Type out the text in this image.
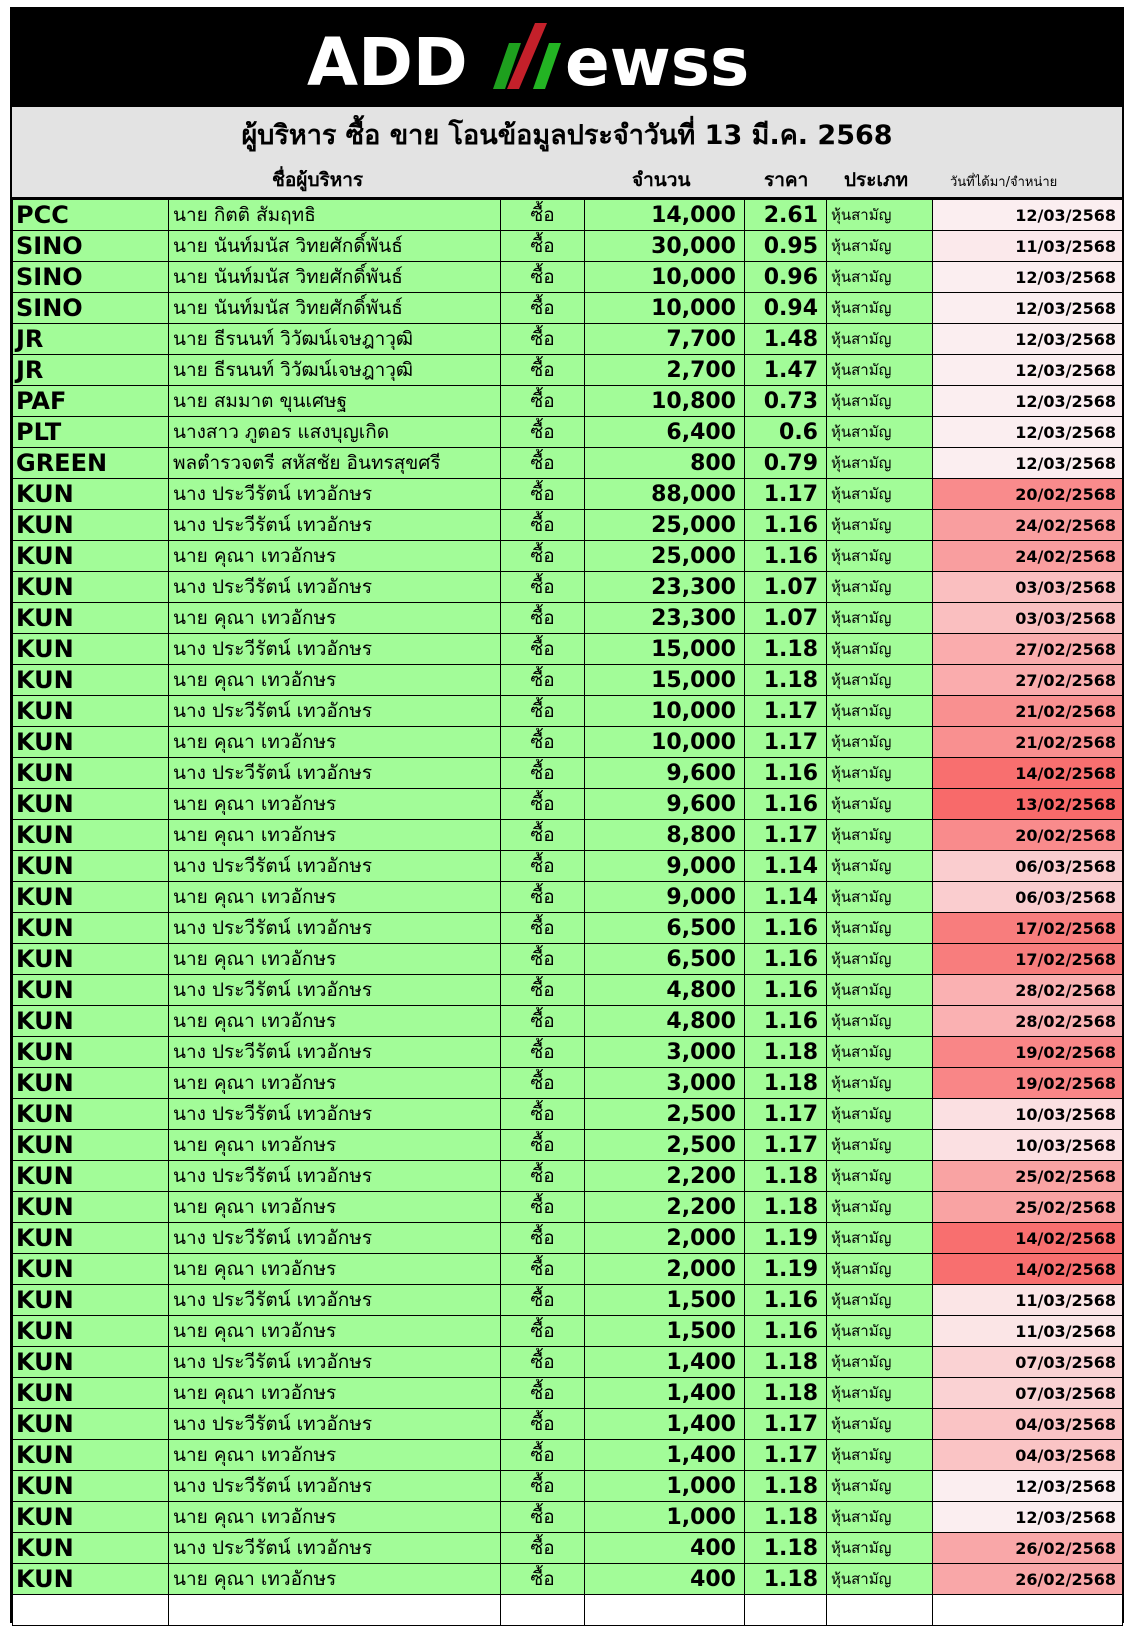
ADD ewss
ผู้บริหาร ซื้อ ขาย โอนข้อมูลประจำวันที่ 13 มี.ค. 2568
ชื่อผู้บริหาร	จำนวน	ราคา ประเภท	วันที่ได้มา/จำหน่าย
PCC	นาย กิตติ สัมฤทธิ	ซื้อ	14,000	2.61	หุ้นสามัญ	12/03/2568
SINO	นาย นันท์มนัส วิทยศักดิ์พันธ์	ซื้อ	30,000	0.95	หุ้นสามัญ	11/03/2568
SINO	นาย นันท์มนัส วิทยศักดิ์พันธ์	ซื้อ	10,000	0.96	หุ้นสามัญ	12/03/2568
SINO	นาย นันท์มนัส วิทยศักดิ์พันธ์	ซื้อ	10,000	0.94	หุ้นสามัญ	12/03/2568
JR	นาย ธีรนนท์ วิวัฒน์เจษฎาวุฒิ	ซื้อ	7,700	1.48	หุ้นสามัญ	12/03/2568
JR	นาย ธีรนนท์ วิวัฒน์เจษฎาวุฒิ	ซื้อ	2,700	1.47	หุ้นสามัญ	12/03/2568
PAF	นาย สมมาต ขุนเศษฐ	ซื้อ	10,800	0.73	หุ้นสามัญ	12/03/2568
PLT	นางสาว ภูตอร แสงบุญเกิด	ซื้อ	6,400	0.6	หุ้นสามัญ	12/03/2568
GREEN	พลตำรวจตรี สหัสชัย อินทรสุขศรี	ซื้อ	800	0.79	หุ้นสามัญ	12/03/2568
KUN	นาง ประวีรัตน์ เทวอักษร	ซื้อ	88,000	1.17	หุ้นสามัญ	20/02/2568
KUN	นาง ประวีรัตน์ เทวอักษร	ซื้อ	25,000	1.16	หุ้นสามัญ	24/02/2568
KUN	นาย คุณา เทวอักษร	ซื้อ	25,000	1.16	หุ้นสามัญ	24/02/2568
KUN	นาง ประวีรัตน์ เทวอักษร	ซื้อ	23,300	1.07	หุ้นสามัญ	03/03/2568
KUN	นาย คุณา เทวอักษร	ซื้อ	23,300	1.07	หุ้นสามัญ	03/03/2568
KUN	นาง ประวีรัตน์ เทวอักษร	ซื้อ	15,000	1.18	หุ้นสามัญ	27/02/2568
KUN	นาย คุณา เทวอักษร	ซื้อ	15,000	1.18	หุ้นสามัญ	27/02/2568
KUN	นาง ประวีรัตน์ เทวอักษร	ซื้อ	10,000	1.17	หุ้นสามัญ	21/02/2568
KUN	นาย คุณา เทวอักษร	ซื้อ	10,000	1.17	หุ้นสามัญ	21/02/2568
KUN	นาง ประวีรัตน์ เทวอักษร	ซื้อ	9,600	1.16	หุ้นสามัญ	14/02/2568
KUN	นาย คุณา เทวอักษร	ซื้อ	9,600	1.16	หุ้นสามัญ	13/02/2568
KUN	นาย คุณา เทวอักษร	ซื้อ	8,800	1.17	หุ้นสามัญ	20/02/2568
KUN	นาง ประวีรัตน์ เทวอักษร	ซื้อ	9,000	1.14	หุ้นสามัญ	06/03/2568
KUN	นาย คุณา เทวอักษร	ซื้อ	9,000	1.14	หุ้นสามัญ	06/03/2568
KUN	นาง ประวีรัตน์ เทวอักษร	ซื้อ	6,500	1.16	หุ้นสามัญ	17/02/2568
KUN	นาย คุณา เทวอักษร	ซื้อ	6,500	1.16	หุ้นสามัญ	17/02/2568
KUN	นาง ประวีรัตน์ เทวอักษร	ซื้อ	4,800	1.16	หุ้นสามัญ	28/02/2568
KUN	นาย คุณา เทวอักษร	ซื้อ	4,800	1.16	หุ้นสามัญ	28/02/2568
KUN	นาง ประวีรัตน์ เทวอักษร	ซื้อ	3,000	1.18	หุ้นสามัญ	19/02/2568
KUN	นาย คุณา เทวอักษร	ซื้อ	3,000	1.18	หุ้นสามัญ	19/02/2568
KUN	นาง ประวีรัตน์ เทวอักษร	ซื้อ	2,500	1.17	หุ้นสามัญ	10/03/2568
KUN	นาย คุณา เทวอักษร	ซื้อ	2,500	1.17	หุ้นสามัญ	10/03/2568
KUN	นาง ประวีรัตน์ เทวอักษร	ซื้อ	2,200	1.18	หุ้นสามัญ	25/02/2568
KUN	นาย คุณา เทวอักษร	ซื้อ	2,200	1.18	หุ้นสามัญ	25/02/2568
KUN	นาง ประวีรัตน์ เทวอักษร	ซื้อ	2,000	1.19	หุ้นสามัญ	14/02/2568
KUN	นาย คุณา เทวอักษร	ซื้อ	2,000	1.19	หุ้นสามัญ	14/02/2568
KUN	นาง ประวีรัตน์ เทวอักษร	ซื้อ	1,500	1.16	หุ้นสามัญ	11/03/2568
KUN	นาย คุณา เทวอักษร	ซื้อ	1,500	1.16	หุ้นสามัญ	11/03/2568
KUN	นาง ประวีรัตน์ เทวอักษร	ซื้อ	1,400	1.18	หุ้นสามัญ	07/03/2568
KUN	นาย คุณา เทวอักษร	ซื้อ	1,400	1.18	หุ้นสามัญ	07/03/2568
KUN	นาง ประวีรัตน์ เทวอักษร	ซื้อ	1,400	1.17	หุ้นสามัญ	04/03/2568
KUN	นาย คุณา เทวอักษร	ซื้อ	1,400	1.17	หุ้นสามัญ	04/03/2568
KUN	นาง ประวีรัตน์ เทวอักษร	ซื้อ	1,000	1.18	หุ้นสามัญ	12/03/2568
KUN	นาย คุณา เทวอักษร	ซื้อ	1,000	1.18	หุ้นสามัญ	12/03/2568
KUN	นาง ประวีรัตน์ เทวอักษร	ซื้อ	400	1.18	หุ้นสามัญ	26/02/2568
KUN	นาย คุณา เทวอักษร	ซื้อ	400	1.18	หุ้นสามัญ	26/02/2568
